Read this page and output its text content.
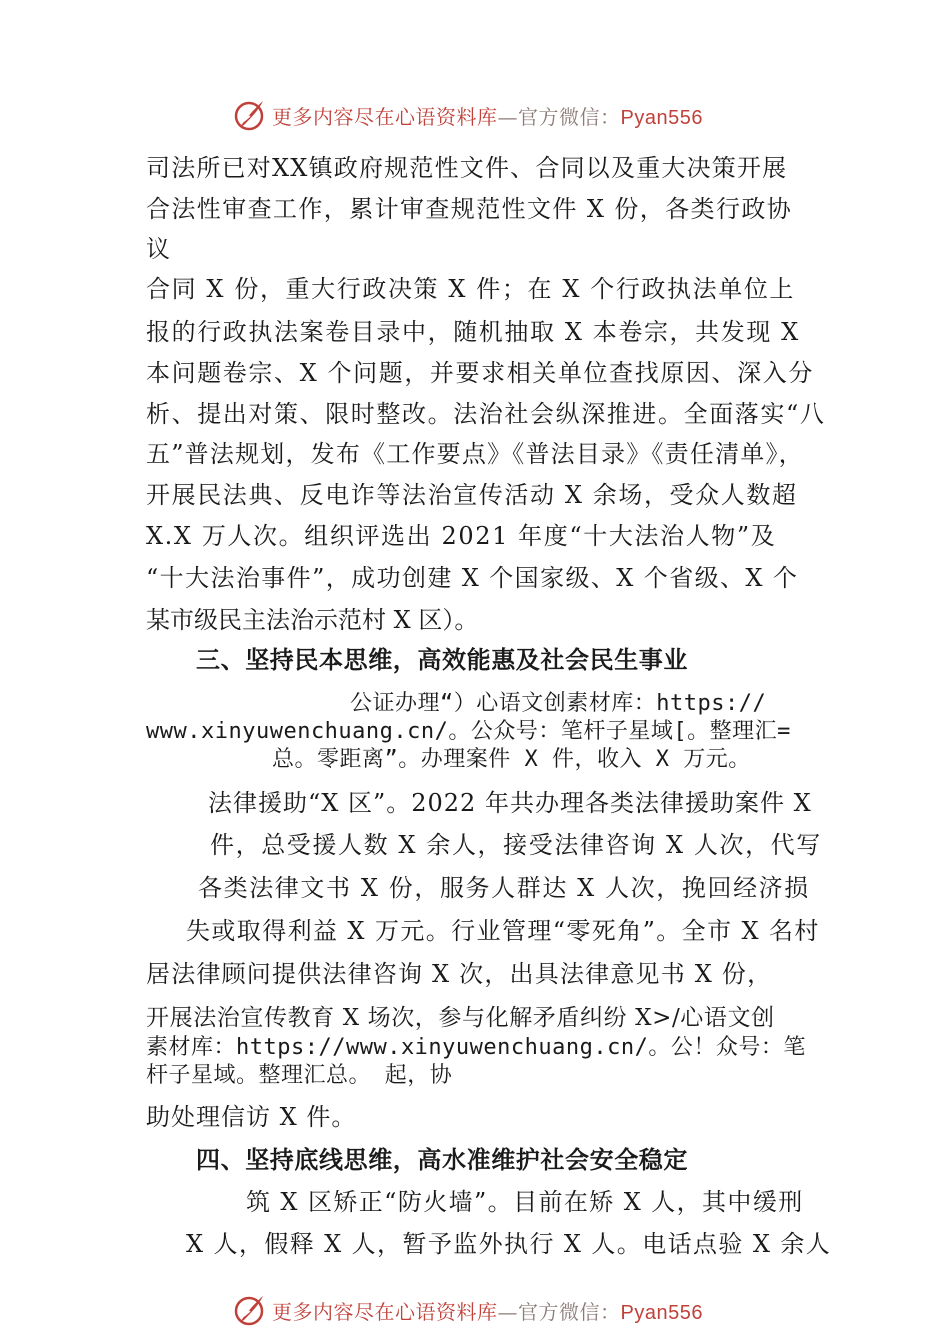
更多内容尽在心语资料库—官方微信：Pyan556
司法所已对XX镇政府规范性文件、合同以及重大决策开展
合法性审查工作，累计审查规范性文件 X 份，各类行政协
议
合同 X 份，重大行政决策 X 件；在 X 个行政执法单位上
报的行政执法案卷目录中，随机抽取 X 本卷宗，共发现 X
本问题卷宗、X 个问题，并要求相关单位查找原因、深入分
析、提出对策、限时整改。法治社会纵深推进。全面落实“八
五”普法规划，发布《工作要点》《普法目录》《责任清单》，
开展民法典、反电诈等法治宣传活动 X 余场，受众人数超
X.X 万人次。组织评选出 2021 年度“十大法治人物”及
“十大法治事件”，成功创建 X 个国家级、X 个省级、X 个
某市级民主法治示范村 X 区）。
三、坚持民本思维，高效能惠及社会民生事业
公证办理“）心语文创素材库：https://
www.xinyuwenchuang.cn/。公众号：笔杆子星域[。整理汇=
总。零距离”。办理案件 X 件，收入 X 万元。
法律援助“X 区”。2022 年共办理各类法律援助案件 X
件，总受援人数 X 余人，接受法律咨询 X 人次，代写
各类法律文书 X 份，服务人群达 X 人次，挽回经济损
失或取得利益 X 万元。行业管理“零死角”。全市 X 名村
居法律顾问提供法律咨询 X 次，出具法律意见书 X 份，
开展法治宣传教育 X 场次，参与化解矛盾纠纷 X>/心语文创
素材库：https://www.xinyuwenchuang.cn/。公！众号：笔
杆子星域。整理汇总。 起，协
助处理信访 X 件。
四、坚持底线思维，高水准维护社会安全稳定
筑 X 区矫正“防火墙”。目前在矫 X 人，其中缓刑
X 人，假释 X 人，暂予监外执行 X 人。电话点验 X 余人
更多内容尽在心语资料库—官方微信：Pyan556
